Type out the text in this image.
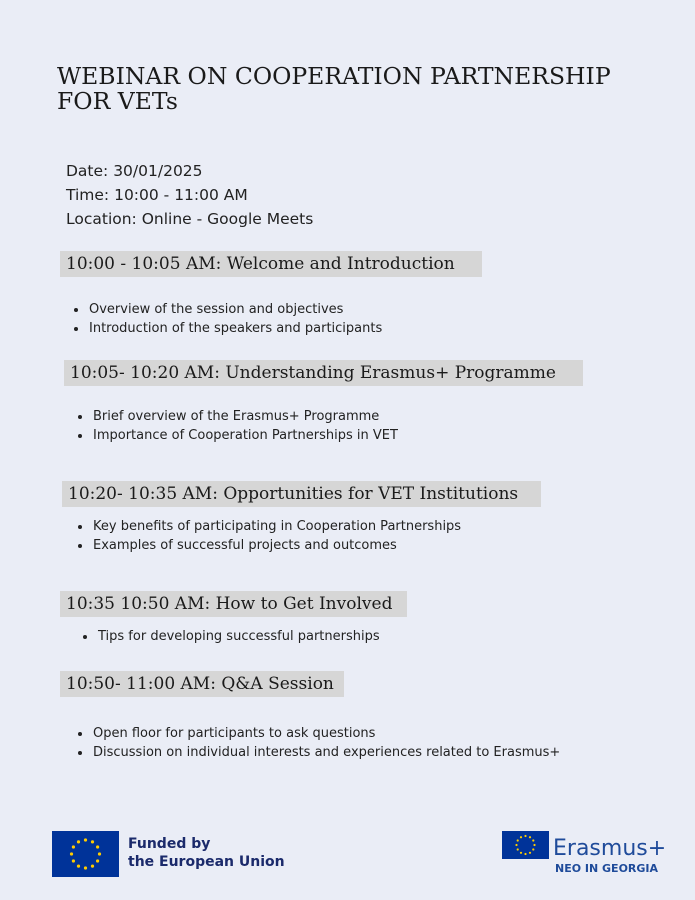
WEBINAR ON COOPERATION PARTNERSHIP FOR VETs
Date: 30/01/2025
Time: 10:00 - 11:00 AM
Location: Online - Google Meets
10:00 - 10:05 AM: Welcome and Introduction
Overview of the session and objectives
Introduction of the speakers and participants
10:05- 10:20 AM: Understanding Erasmus+ Programme
Brief overview of the Erasmus+ Programme
Importance of Cooperation Partnerships in VET
10:20- 10:35 AM: Opportunities for VET Institutions
Key benefits of participating in Cooperation Partnerships
Examples of successful projects and outcomes
10:35 10:50 AM: How to Get Involved
Tips for developing successful partnerships
10:50- 11:00 AM: Q&A Session
Open floor for participants to ask questions
Discussion on individual interests and experiences related to Erasmus+
Funded by
the European Union
Erasmus+
NEO IN GEORGIA
